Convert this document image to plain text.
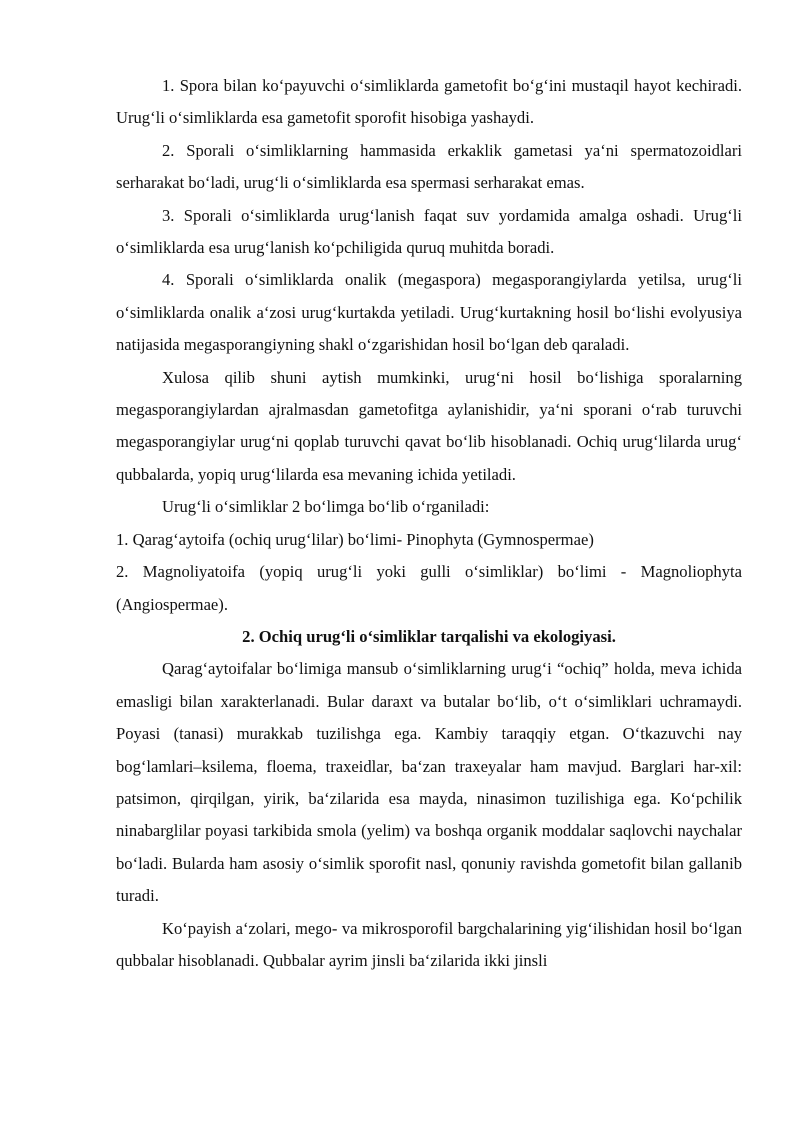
1. Spora bilan ko‘payuvchi o‘simliklarda gametofit bo‘g‘ini mustaqil hayot kechiradi. Urug‘li o‘simliklarda esa gametofit sporofit hisobiga yashaydi.

2. Sporali o‘simliklarning hammasida erkaklik gametasi ya‘ni spermatozoidlari serharakat bo‘ladi, urug‘li o‘simliklarda esa spermasi serharakat emas.

3. Sporali o‘simliklarda urug‘lanish faqat suv yordamida amalga oshadi. Urug‘li o‘simliklarda esa urug‘lanish ko‘pchiligida quruq muhitda boradi.

4. Sporali o‘simliklarda onalik (megaspora) megasporangiylarda yetilsa, urug‘li o‘simliklarda onalik a‘zosi urug‘kurtakda yetiladi. Urug‘kurtakning hosil bo‘lishi evolyusiya natijasida megasporangiyning shakl o‘zgarishidan hosil bo‘lgan deb qaraladi.

Xulosa qilib shuni aytish mumkinki, urug‘ni hosil bo‘lishiga sporalarning megasporangiylardan ajralmasdan gametofitga aylanishidir, ya‘ni sporani o‘rab turuvchi megasporangiylar urug‘ni qoplab turuvchi qavat bo‘lib hisoblanadi. Ochiq urug‘lilarda urug‘ qubbalarda, yopiq urug‘lilarda esa mevaning ichida yetiladi.

Urug‘li o‘simliklar 2 bo‘limga bo‘lib o‘rganiladi:

1. Qarag‘aytoifa (ochiq urug‘lilar) bo‘limi- Pinophyta (Gymnospermae)

2. Magnoliyatoifa (yopiq urug‘li yoki gulli o‘simliklar) bo‘limi - Magnoliophyta (Angiospermae).

2. Ochiq urug‘li o‘simliklar tarqalishi va ekologiyasi.

Qarag‘aytoifalar bo‘limiga mansub o‘simliklarning urug‘i “ochiq” holda, meva ichida emasligi bilan xarakterlanadi. Bular daraxt va butalar bo‘lib, o‘t o‘simliklari uchramaydi. Poyasi (tanasi) murakkab tuzilishga ega. Kambiy taraqqiy etgan. O‘tkazuvchi nay bog‘lamlari–ksilema, floema, traxeidlar, ba‘zan traxeyalar ham mavjud. Barglari har-xil: patsimon, qirqilgan, yirik, ba‘zilarida esa mayda, ninasimon tuzilishiga ega. Ko‘pchilik ninabarglilar poyasi tarkibida smola (yelim) va boshqa organik moddalar saqlovchi naychalar bo‘ladi. Bularda ham asosiy o‘simlik sporofit nasl, qonuniy ravishda gometofit bilan gallanib turadi.

Ko‘payish a‘zolari, mego- va mikrosporofil bargchalarining yig‘ilishidan hosil bo‘lgan qubbalar hisoblanadi. Qubbalar ayrim jinsli ba‘zilarida ikki jinsli
